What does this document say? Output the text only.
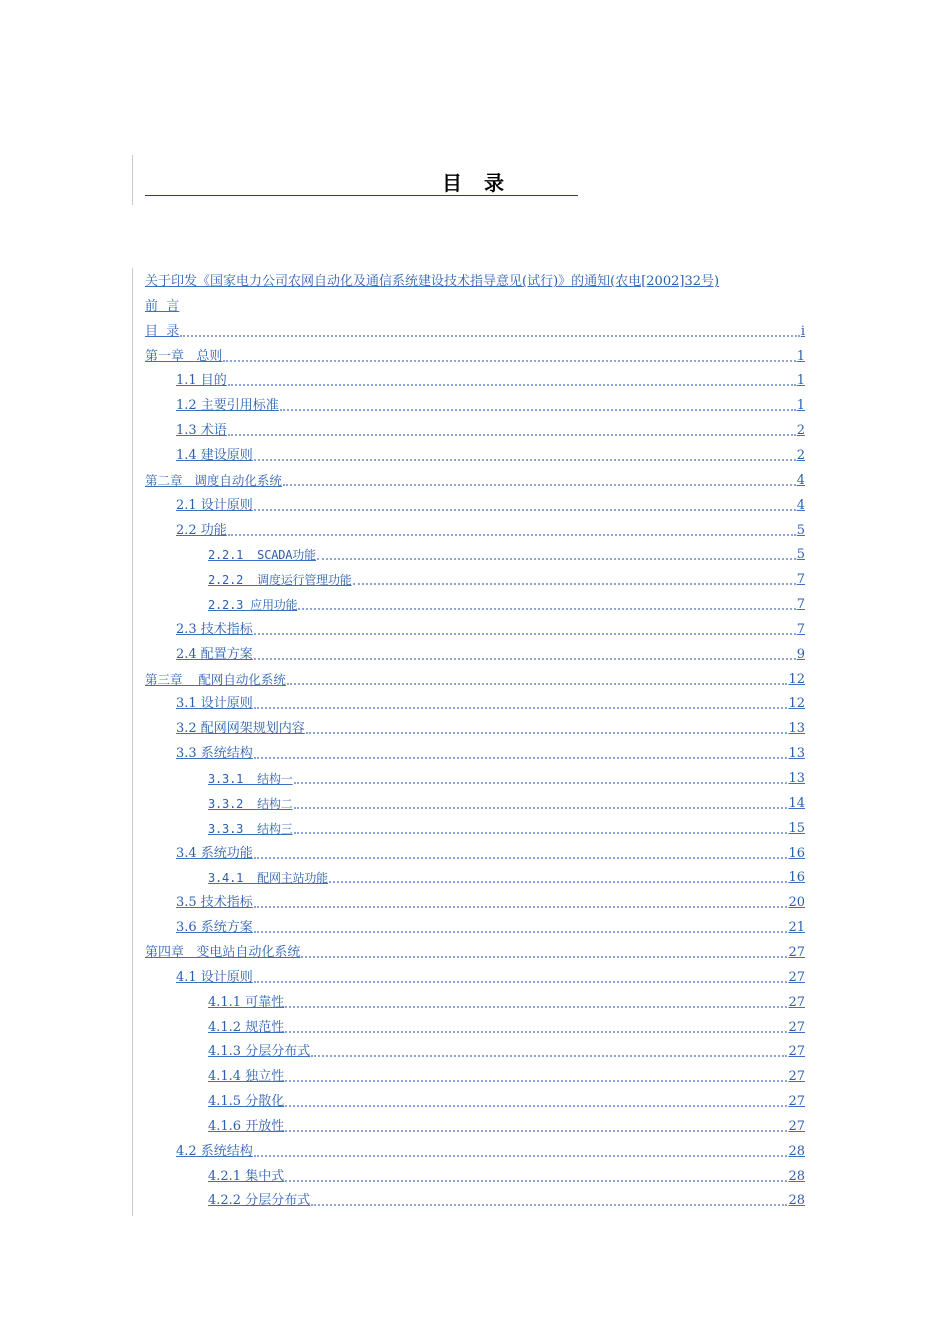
目　录
关于印发《国家电力公司农网自动化及通信系统建设技术指导意见(试行)》的通知(农电[2002]32号)
前  言
目  录	i
第一章   总则	1
1.1 目的	1
1.2 主要引用标准	1
1.3 术语	2
1.4 建设原则	2
第二章   调度自动化系统	4
2.1 设计原则	4
2.2 功能	5
2.2.1  SCADA功能	5
2.2.2  调度运行管理功能	7
2.2.3 应用功能	7
2.3 技术指标	7
2.4 配置方案	9
第三章    配网自动化系统	12
3.1 设计原则	12
3.2 配网网架规划内容	13
3.3 系统结构	13
3.3.1  结构一	13
3.3.2  结构二	14
3.3.3  结构三	15
3.4 系统功能	16
3.4.1  配网主站功能	16
3.5 技术指标	20
3.6 系统方案	21
第四章   变电站自动化系统	27
4.1 设计原则	27
4.1.1 可靠性	27
4.1.2 规范性	27
4.1.3 分层分布式	27
4.1.4 独立性	27
4.1.5 分散化	27
4.1.6 开放性	27
4.2 系统结构	28
4.2.1 集中式	28
4.2.2 分层分布式	28
